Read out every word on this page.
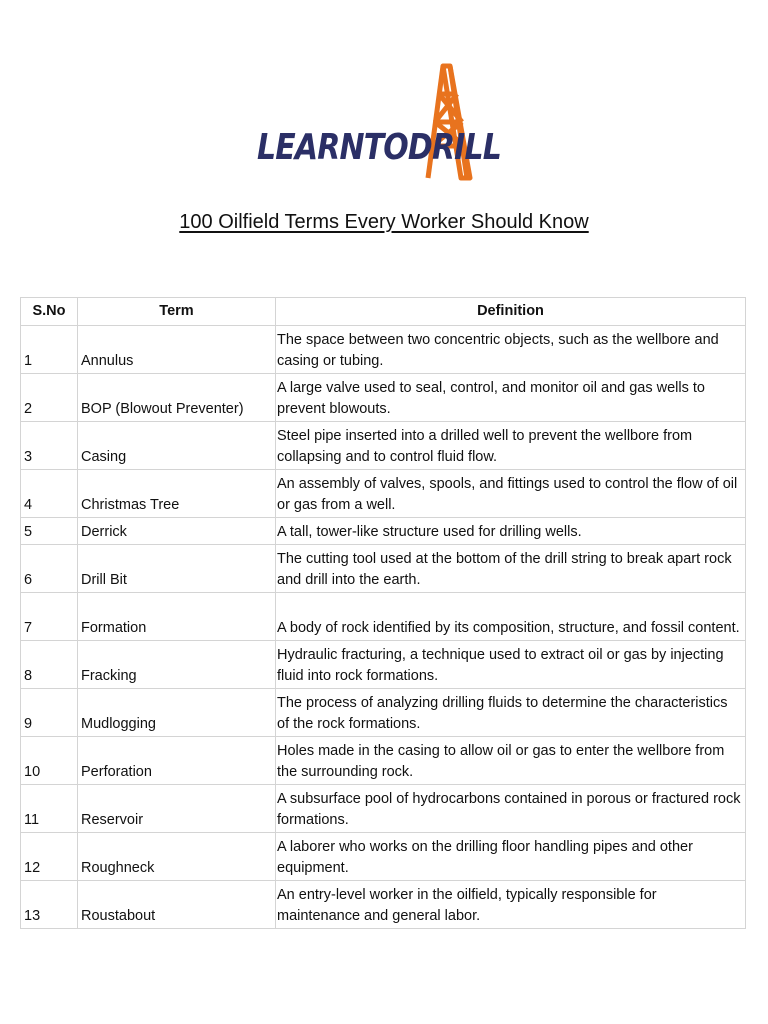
LEARNTODRILL
100 Oilfield Terms Every Worker Should Know
S.No	Term	Definition
1	Annulus	The space between two concentric objects, such as the wellbore and casing or tubing.
2	BOP (Blowout Preventer)	A large valve used to seal, control, and monitor oil and gas wells to prevent blowouts.
3	Casing	Steel pipe inserted into a drilled well to prevent the wellbore from collapsing and to control fluid flow.
4	Christmas Tree	An assembly of valves, spools, and fittings used to control the flow of oil or gas from a well.
5	Derrick	A tall, tower-like structure used for drilling wells.
6	Drill Bit	The cutting tool used at the bottom of the drill string to break apart rock and drill into the earth.
7	Formation	A body of rock identified by its composition, structure, and fossil content.
8	Fracking	Hydraulic fracturing, a technique used to extract oil or gas by injecting fluid into rock formations.
9	Mudlogging	The process of analyzing drilling fluids to determine the characteristics of the rock formations.
10	Perforation	Holes made in the casing to allow oil or gas to enter the wellbore from the surrounding rock.
11	Reservoir	A subsurface pool of hydrocarbons contained in porous or fractured rock formations.
12	Roughneck	A laborer who works on the drilling floor handling pipes and other equipment.
13	Roustabout	An entry-level worker in the oilfield, typically responsible for maintenance and general labor.
